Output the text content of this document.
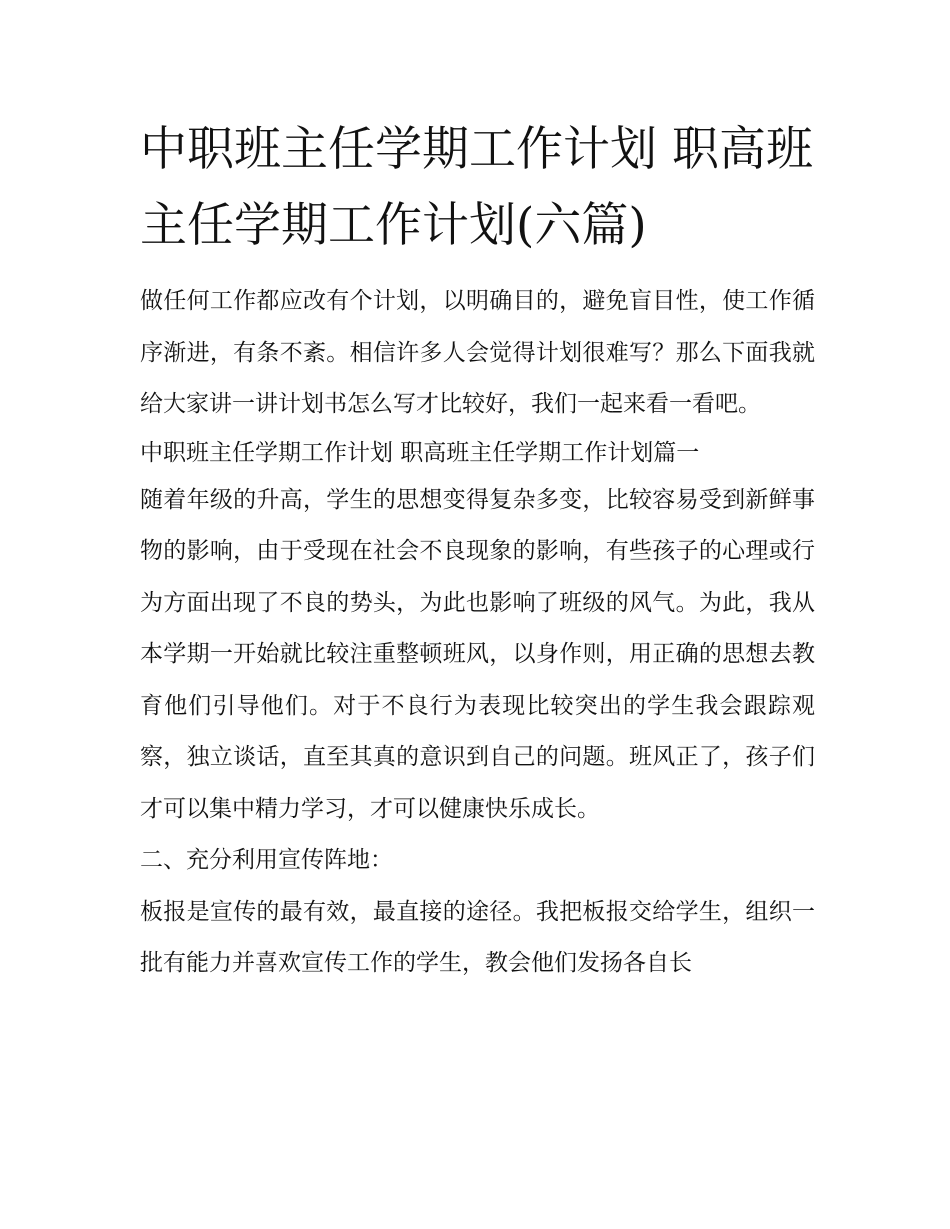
中职班主任学期工作计划 职高班主任学期工作计划(六篇)

做任何工作都应改有个计划，以明确目的，避免盲目性，使工作循序渐进，有条不紊。相信许多人会觉得计划很难写？那么下面我就给大家讲一讲计划书怎么写才比较好，我们一起来看一看吧。

中职班主任学期工作计划 职高班主任学期工作计划篇一

随着年级的升高，学生的思想变得复杂多变，比较容易受到新鲜事物的影响，由于受现在社会不良现象的影响，有些孩子的心理或行为方面出现了不良的势头，为此也影响了班级的风气。为此，我从本学期一开始就比较注重整顿班风，以身作则，用正确的思想去教育他们引导他们。对于不良行为表现比较突出的学生我会跟踪观察，独立谈话，直至其真的意识到自己的问题。班风正了，孩子们才可以集中精力学习，才可以健康快乐成长。

二、充分利用宣传阵地：

板报是宣传的最有效，最直接的途径。我把板报交给学生，组织一批有能力并喜欢宣传工作的学生，教会他们发扬各自长
